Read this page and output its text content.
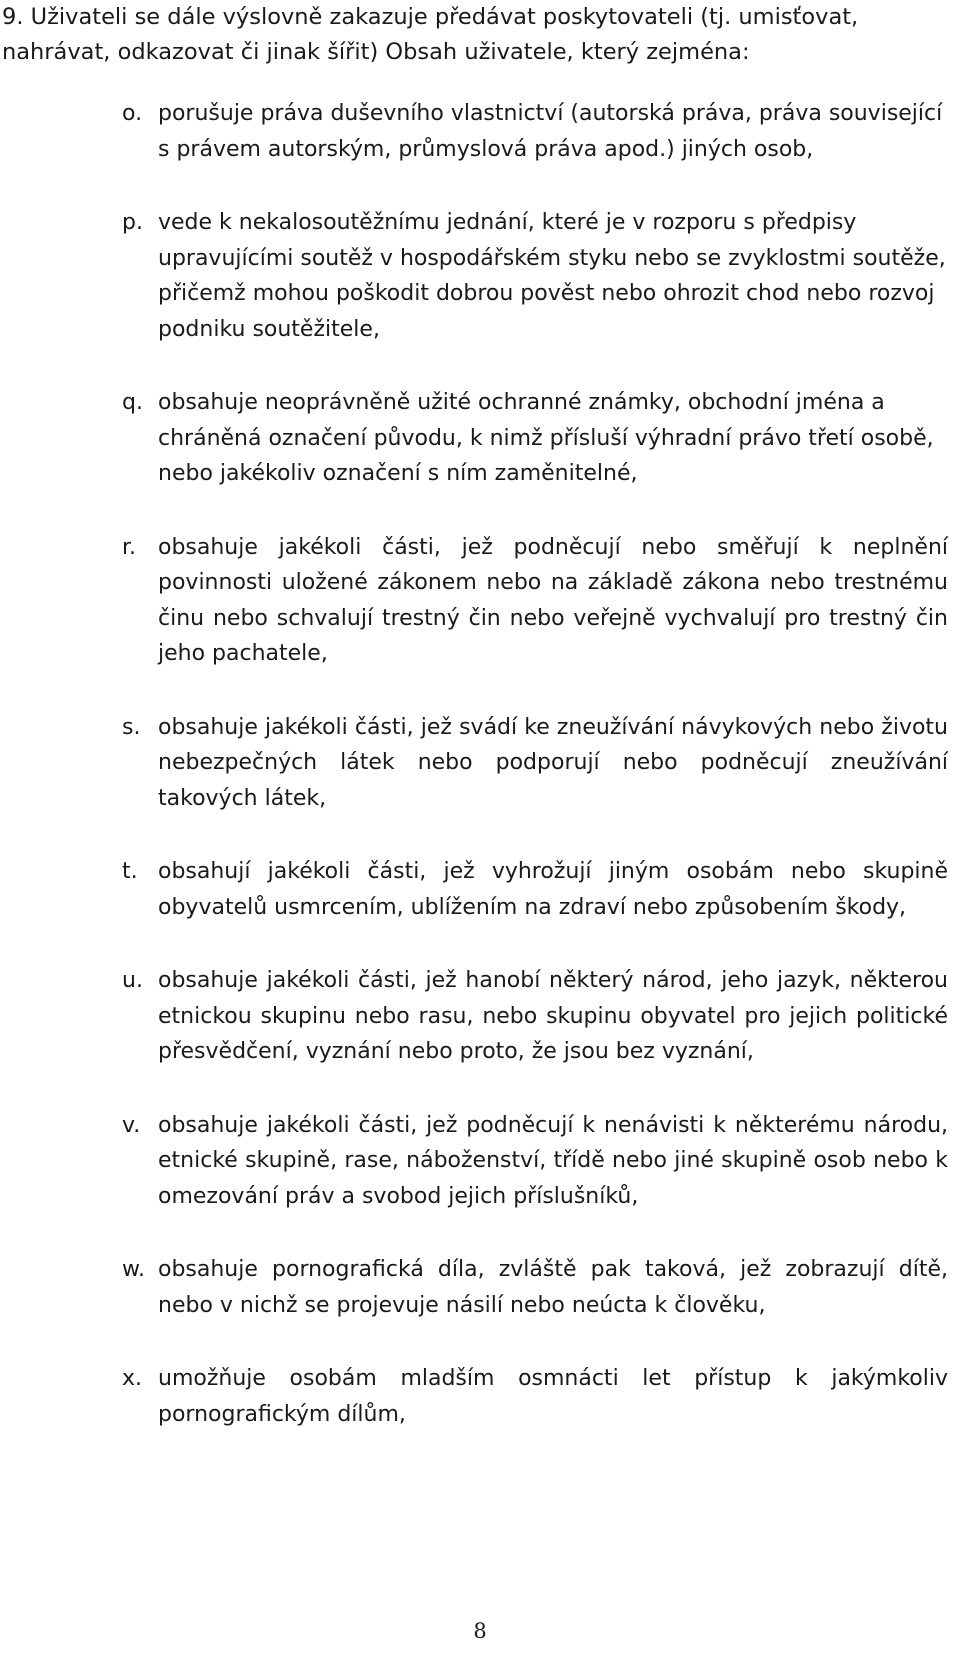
9. Uživateli se dále výslovně zakazuje předávat poskytovateli (tj. umisťovat, nahrávat, odkazovat či jinak šířit) Obsah uživatele, který zejména:

o. porušuje práva duševního vlastnictví (autorská práva, práva související s právem autorským, průmyslová práva apod.) jiných osob,
p. vede k nekalosoutěžnímu jednání, které je v rozporu s předpisy upravujícími soutěž v hospodářském styku nebo se zvyklostmi soutěže, přičemž mohou poškodit dobrou pověst nebo ohrozit chod nebo rozvoj podniku soutěžitele,
q. obsahuje neoprávněně užité ochranné známky, obchodní jména a chráněná označení původu, k nimž přísluší výhradní právo třetí osobě, nebo jakékoliv označení s ním zaměnitelné,
r. obsahuje jakékoli části, jež podněcují nebo směřují k neplnění povinnosti uložené zákonem nebo na základě zákona nebo trestnému činu nebo schvalují trestný čin nebo veřejně vychvalují pro trestný čin jeho pachatele,
s. obsahuje jakékoli části, jež svádí ke zneužívání návykových nebo životu nebezpečných látek nebo podporují nebo podněcují zneužívání takových látek,
t. obsahují jakékoli části, jež vyhrožují jiným osobám nebo skupině obyvatelů usmrcením, ublížením na zdraví nebo způsobením škody,
u. obsahuje jakékoli části, jež hanobí některý národ, jeho jazyk, některou etnickou skupinu nebo rasu, nebo skupinu obyvatel pro jejich politické přesvědčení, vyznání nebo proto, že jsou bez vyznání,
v. obsahuje jakékoli části, jež podněcují k nenávisti k některému národu, etnické skupině, rase, náboženství, třídě nebo jiné skupině osob nebo k omezování práv a svobod jejich příslušníků,
w. obsahuje pornografická díla, zvláště pak taková, jež zobrazují dítě, nebo v nichž se projevuje násilí nebo neúcta k člověku,
x. umožňuje osobám mladším osmnácti let přístup k jakýmkoliv pornografickým dílům,
8
